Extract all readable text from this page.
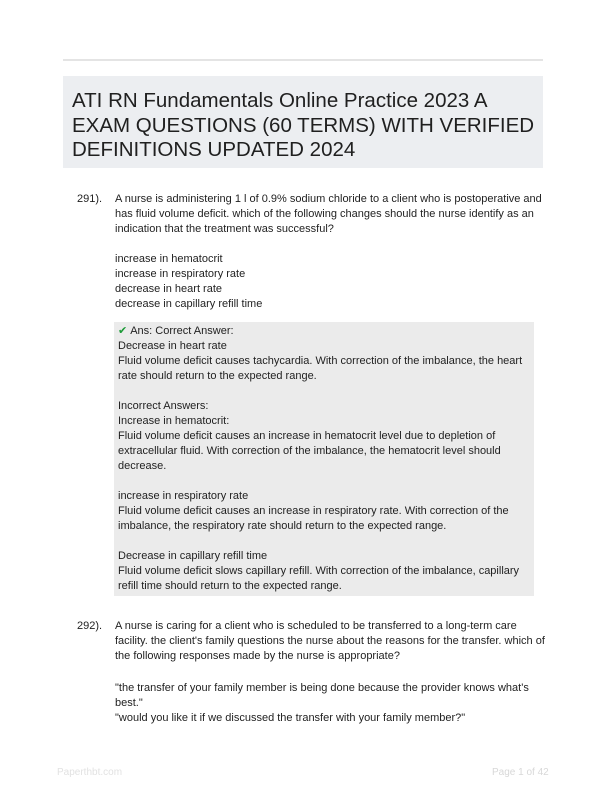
ATI RN Fundamentals Online Practice 2023 A
EXAM QUESTIONS (60 TERMS) WITH VERIFIED
DEFINITIONS UPDATED 2024
291). A nurse is administering 1 l of 0.9% sodium chloride to a client who is postoperative and
has fluid volume deficit. which of the following changes should the nurse identify as an
indication that the treatment was successful?
increase in hematocrit
increase in respiratory rate
decrease in heart rate
decrease in capillary refill time
✔ Ans: Correct Answer:
Decrease in heart rate
Fluid volume deficit causes tachycardia. With correction of the imbalance, the heart
rate should return to the expected range.
Incorrect Answers:
Increase in hematocrit:
Fluid volume deficit causes an increase in hematocrit level due to depletion of
extracellular fluid. With correction of the imbalance, the hematocrit level should
decrease.
increase in respiratory rate
Fluid volume deficit causes an increase in respiratory rate. With correction of the
imbalance, the respiratory rate should return to the expected range.
Decrease in capillary refill time
Fluid volume deficit slows capillary refill. With correction of the imbalance, capillary
refill time should return to the expected range.
292). A nurse is caring for a client who is scheduled to be transferred to a long-term care
facility. the client's family questions the nurse about the reasons for the transfer. which of
the following responses made by the nurse is appropriate?
"the transfer of your family member is being done because the provider knows what's
best."
"would you like it if we discussed the transfer with your family member?"
Paperthbt.com	Page 1 of 42
